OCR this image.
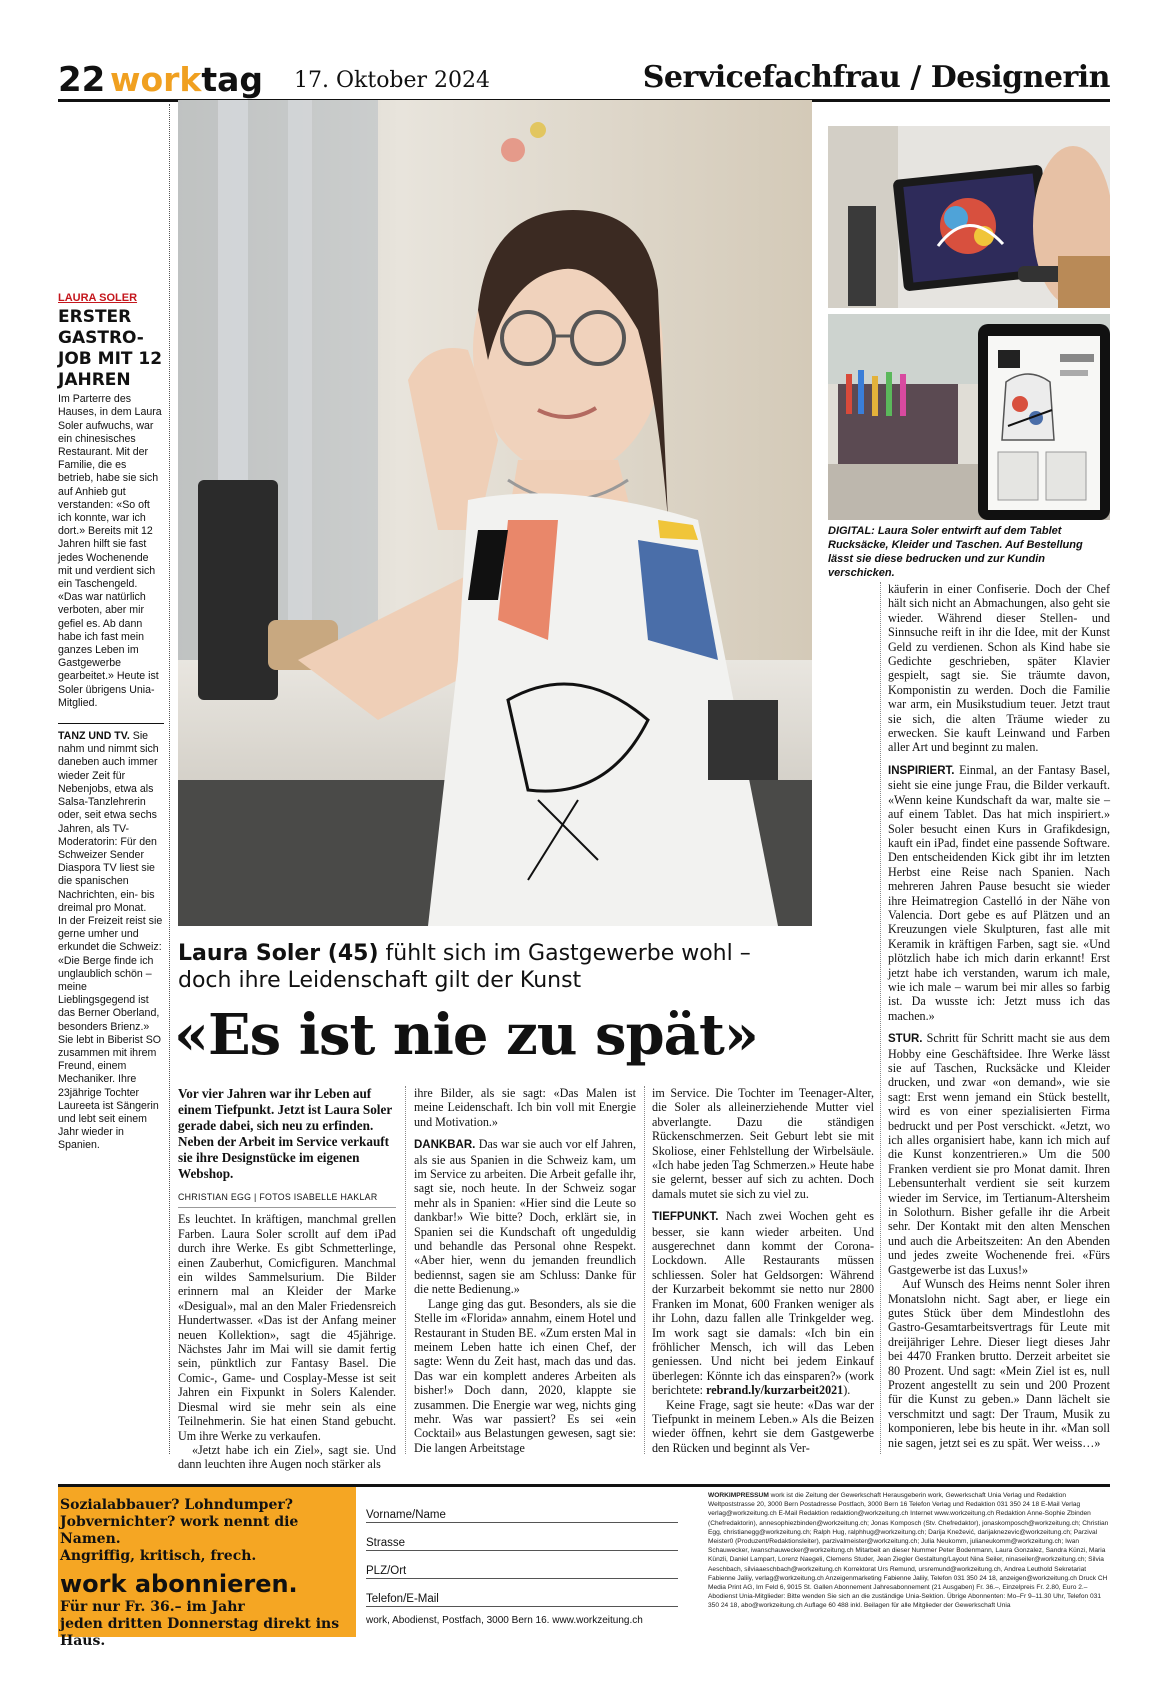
22 worktag 17. Oktober 2024	Servicefachfrau / Designerin
LAURA SOLER
ERSTER GASTRO-JOB MIT 12 JAHREN

Im Parterre des Hauses, in dem Laura Soler aufwuchs, war ein chinesisches Restaurant. Mit der Familie, die es betrieb, habe sie sich auf Anhieb gut verstanden: «So oft ich konnte, war ich dort.» Bereits mit 12 Jahren hilft sie fast jedes Wochenende mit und verdient sich ein Taschengeld. «Das war natürlich verboten, aber mir gefiel es. Ab dann habe ich fast mein ganzes Leben im Gastgewerbe gearbeitet.» Heute ist Soler übrigens Unia-Mitglied.

TANZ UND TV. Sie nahm und nimmt sich daneben auch immer wieder Zeit für Nebenjobs, etwa als Salsa-Tanzlehrerin oder, seit etwa sechs Jahren, als TV-Moderatorin: Für den Schweizer Sender Diaspora TV liest sie die spanischen Nachrichten, ein- bis dreimal pro Monat.

In der Freizeit reist sie gerne umher und erkundet die Schweiz: «Die Berge finde ich unglaublich schön – meine Lieblingsgegend ist das Berner Oberland, besonders Brienz.» Sie lebt in Biberist SO zusammen mit ihrem Freund, einem Mechaniker. Ihre 23jährige Tochter Laureeta ist Sängerin und lebt seit einem Jahr wieder in Spanien.

DIGITAL: Laura Soler entwirft auf dem Tablet Rucksäcke, Kleider und Taschen. Auf Bestellung lässt sie diese bedrucken und zur Kundin verschicken.
Laura Soler (45) fühlt sich im Gastgewerbe wohl – doch ihre Leidenschaft gilt der Kunst
«Es ist nie zu spät»

Vor vier Jahren war ihr Leben auf einem Tiefpunkt. Jetzt ist Laura Soler gerade dabei, sich neu zu erfinden. Neben der Arbeit im Service verkauft sie ihre Designstücke im eigenen Webshop.

CHRISTIAN EGG | FOTOS ISABELLE HAKLAR

Es leuchtet. In kräftigen, manchmal grellen Farben. Laura Soler scrollt auf dem iPad durch ihre Werke. Es gibt Schmetterlinge, einen Zauberhut, Comicfiguren. Manchmal ein wildes Sammelsurium. Die Bilder erinnern mal an Kleider der Marke «Desigual», mal an den Maler Friedensreich Hundertwasser. «Das ist der Anfang meiner neuen Kollektion», sagt die 45jährige. Nächstes Jahr im Mai will sie damit fertig sein, pünktlich zur Fantasy Basel. Die Comic-, Game- und Cosplay-Messe ist seit Jahren ein Fixpunkt in Solers Kalender. Diesmal wird sie mehr sein als eine Teilnehmerin. Sie hat einen Stand gebucht. Um ihre Werke zu verkaufen.

«Jetzt habe ich ein Ziel», sagt sie. Und dann leuchten ihre Augen noch stärker als

ihre Bilder, als sie sagt: «Das Malen ist meine Leidenschaft. Ich bin voll mit Energie und Motivation.»

DANKBAR. Das war sie auch vor elf Jahren, als sie aus Spanien in die Schweiz kam, um im Service zu arbeiten. Die Arbeit gefalle ihr, sagt sie, noch heute. In der Schweiz sogar mehr als in Spanien: «Hier sind die Leute so dankbar!» Wie bitte? Doch, erklärt sie, in Spanien sei die Kundschaft oft ungeduldig und behandle das Personal ohne Respekt. «Aber hier, wenn du jemanden freundlich bediennst, sagen sie am Schluss: Danke für die nette Bedienung.»

Lange ging das gut. Besonders, als sie die Stelle im «Florida» annahm, einem Hotel und Restaurant in Studen BE. «Zum ersten Mal in meinem Leben hatte ich einen Chef, der sagte: Wenn du Zeit hast, mach das und das. Das war ein komplett anderes Arbeiten als bisher!» Doch dann, 2020, klappte sie zusammen. Die Energie war weg, nichts ging mehr. Was war passiert? Es sei «ein Cocktail» aus Belastungen gewesen, sagt sie: Die langen Arbeitstage

im Service. Die Tochter im Teenager-Alter, die Soler als alleinerziehende Mutter viel abverlangte. Dazu die ständigen Rückenschmerzen. Seit Geburt lebt sie mit Skoliose, einer Fehlstellung der Wirbelsäule. «Ich habe jeden Tag Schmerzen.» Heute habe sie gelernt, besser auf sich zu achten. Doch damals mutet sie sich zu viel zu.

TIEFPUNKT. Nach zwei Wochen geht es besser, sie kann wieder arbeiten. Und ausgerechnet dann kommt der Corona-Lockdown. Alle Restaurants müssen schliessen. Soler hat Geldsorgen: Während der Kurzarbeit bekommt sie netto nur 2800 Franken im Monat, 600 Franken weniger als ihr Lohn, dazu fallen alle Trinkgelder weg. Im work sagt sie damals: «Ich bin ein fröhlicher Mensch, ich will das Leben geniessen. Und nicht bei jedem Einkauf überlegen: Könnte ich das einsparen?» (work berichtete: rebrand.ly/kurzarbeit2021).

Keine Frage, sagt sie heute: «Das war der Tiefpunkt in meinem Leben.» Als die Beizen wieder öffnen, kehrt sie dem Gastgewerbe den Rücken und beginnt als Ver-

käuferin in einer Confiserie. Doch der Chef hält sich nicht an Abmachungen, also geht sie wieder. Während dieser Stellen- und Sinnsuche reift in ihr die Idee, mit der Kunst Geld zu verdienen. Schon als Kind habe sie Gedichte geschrieben, später Klavier gespielt, sagt sie. Sie träumte davon, Komponistin zu werden. Doch die Familie war arm, ein Musikstudium teuer. Jetzt traut sie sich, die alten Träume wieder zu erwecken. Sie kauft Leinwand und Farben aller Art und beginnt zu malen.

INSPIRIERT. Einmal, an der Fantasy Basel, sieht sie eine junge Frau, die Bilder verkauft. «Wenn keine Kundschaft da war, malte sie – auf einem Tablet. Das hat mich inspiriert.» Soler besucht einen Kurs in Grafikdesign, kauft ein iPad, findet eine passende Software. Den entscheidenden Kick gibt ihr im letzten Herbst eine Reise nach Spanien. Nach mehreren Jahren Pause besucht sie wieder ihre Heimatregion Castelló in der Nähe von Valencia. Dort gebe es auf Plätzen und an Kreuzungen viele Skulpturen, fast alle mit Keramik in kräftigen Farben, sagt sie. «Und plötzlich habe ich mich darin erkannt! Erst jetzt habe ich verstanden, warum ich male, wie ich male – warum bei mir alles so farbig ist. Da wusste ich: Jetzt muss ich das machen.»

STUR. Schritt für Schritt macht sie aus dem Hobby eine Geschäftsidee. Ihre Werke lässt sie auf Taschen, Rucksäcke und Kleider drucken, und zwar «on demand», wie sie sagt: Erst wenn jemand ein Stück bestellt, wird es von einer spezialisierten Firma bedruckt und per Post verschickt. «Jetzt, wo ich alles organisiert habe, kann ich mich auf die Kunst konzentrieren.» Um die 500 Franken verdient sie pro Monat damit. Ihren Lebensunterhalt verdient sie seit kurzem wieder im Service, im Tertianum-Altersheim in Solothurn. Bisher gefalle ihr die Arbeit sehr. Der Kontakt mit den alten Menschen und auch die Arbeitszeiten: An den Abenden und jedes zweite Wochenende frei. «Fürs Gastgewerbe ist das Luxus!»

Auf Wunsch des Heims nennt Soler ihren Monatslohn nicht. Sagt aber, er liege ein gutes Stück über dem Mindestlohn des Gastro-Gesamtarbeitsvertrags für Leute mit dreijähriger Lehre. Dieser liegt dieses Jahr bei 4470 Franken brutto. Derzeit arbeitet sie 80 Prozent. Und sagt: «Mein Ziel ist es, null Prozent angestellt zu sein und 200 Prozent für die Kunst zu geben.» Dann lächelt sie verschmitzt und sagt: Der Traum, Musik zu komponieren, lebe bis heute in ihr. «Man soll nie sagen, jetzt sei es zu spät. Wer weiss…»

Sozialabbauer? Lohndumper?
Jobvernichter? work nennt die Namen.
Angriffig, kritisch, frech.
work abonnieren.
Für nur Fr. 36.– im Jahr
jeden dritten Donnerstag direkt ins Haus.
Vorname/Name
Strasse
PLZ/Ort
Telefon/E-Mail
work, Abodienst, Postfach, 3000 Bern 16. www.workzeitung.ch
WORKIMPRESSUM work ist die Zeitung der Gewerkschaft Herausgeberin work, Gewerkschaft Unia Verlag und Redaktion Weltpoststrasse 20, 3000 Bern Postadresse Postfach, 3000 Bern 16 Telefon Verlag und Redaktion 031 350 24 18 E-Mail Verlag verlag@workzeitung.ch E-Mail Redaktion redaktion@workzeitung.ch Internet www.workzeitung.ch Redaktion Anne-Sophie Zbinden (Chefredaktorin), annesophiezbinden@workzeitung.ch; Jonas Komposch (Stv. Chefredaktor), jonaskomposch@workzeitung.ch; Christian Egg, christianegg@workzeitung.ch; Ralph Hug, ralphhug@workzeitung.ch; Darija Knežević, darijaknezevic@workzeitung.ch; Parzival Meister0 (Produzent/Redaktionsleiter), parzivalmeister@workzeitung.ch; Julia Neukomm, julianeukomm@workzeitung.ch; Iwan Schauwecker, iwanschauwecker@workzeitung.ch Mitarbeit an dieser Nummer Peter Bodenmann, Laura Gonzalez, Sandra Künzi, Maria Künzli, Daniel Lampart, Lorenz Naegeli, Clemens Studer, Jean Ziegler Gestaltung/Layout Nina Seiler, ninaseiler@workzeitung.ch; Silvia Aeschbach, silviaaeschbach@workzeitung.ch Korrektorat Urs Remund, ursremund@workzeitung.ch, Andrea Leuthold Sekretariat Fabienne Jaliiy, verlag@workzeitung.ch Anzeigenmarketing Fabienne Jaliiy, Telefon 031 350 24 18, anzeigen@workzeitung.ch Druck CH Media Print AG, Im Feld 6, 9015 St. Gallen Abonnement Jahresabonnement (21 Ausgaben) Fr. 36.–, Einzelpreis Fr. 2.80, Euro 2.– Abodienst Unia-Mitglieder: Bitte wenden Sie sich an die zuständige Unia-Sektion. Übrige Abonnenten: Mo–Fr 9–11.30 Uhr, Telefon 031 350 24 18, abo@workzeitung.ch Auflage 60 488 inkl. Beilagen für alle Mitglieder der Gewerkschaft Unia
